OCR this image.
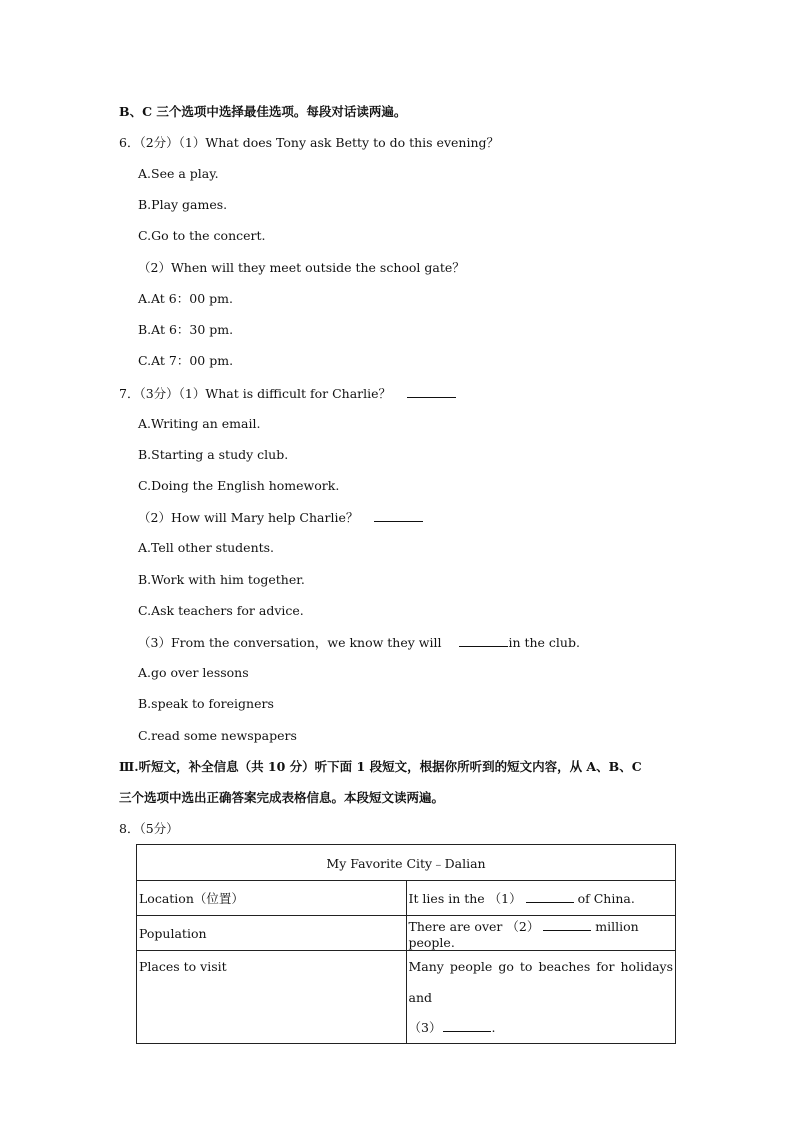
B、C 三个选项中选择最佳选项。每段对话读两遍。
6．（2分）（1）What does Tony ask Betty to do this evening？
A.See a play.
B.Play games.
C.Go to the concert.
（2）When will they meet outside the school gate？
A.At 6：00 pm.
B.At 6：30 pm.
C.At 7：00 pm.
7．（3分）（1）What is difficult for Charlie？
A.Writing an email.
B.Starting a study club.
C.Doing the English homework.
（2）How will Mary help Charlie？
A.Tell other students.
B.Work with him together.
C.Ask teachers for advice.
（3）From the conversation，we know they will	in the club.
A.go over lessons
B.speak to foreigners
C.read some newspapers
Ⅲ.听短文，补全信息（共 10 分）听下面 1 段短文，根据你所听到的短文内容，从 A、B、C
三个选项中选出正确答案完成表格信息。本段短文读两遍。
8．（5分）
My Favorite City﹣Dalian	
Location（位置）	It lies in the （1） of China.
Population	There are over （2） million people.

Places to visit	Many people go to beaches for holidays and
（3） .
